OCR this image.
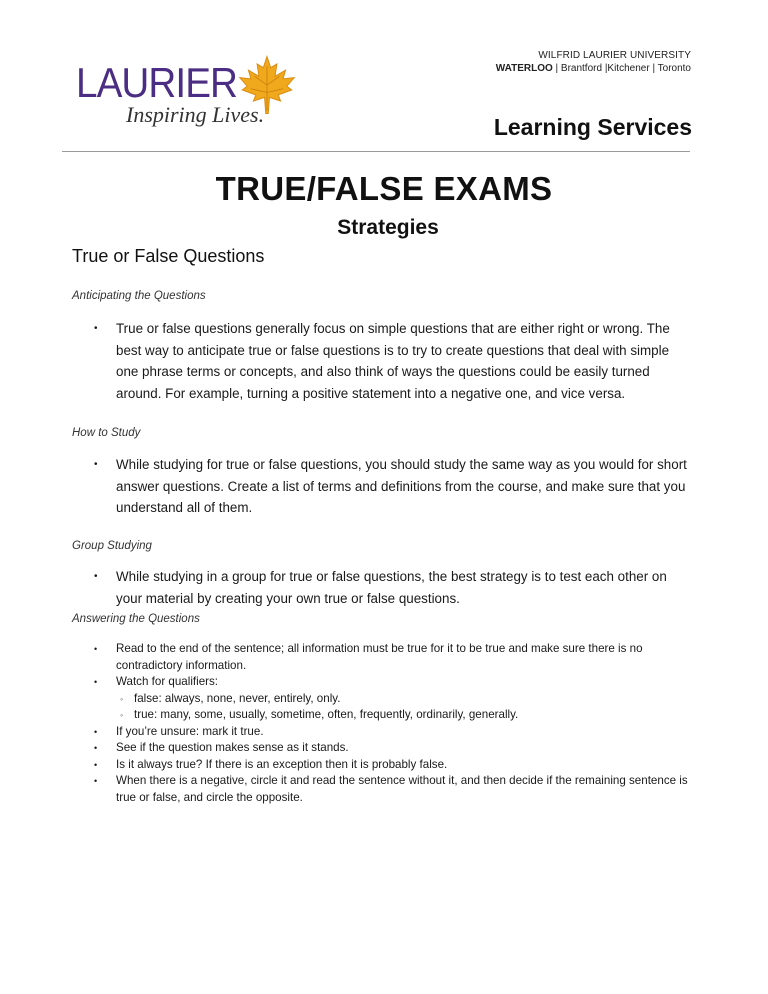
LAURIER
Inspiring Lives.
WILFRID LAURIER UNIVERSITY
WATERLOO | Brantford |Kitchener | Toronto
Learning Services
TRUE/FALSE EXAMS
Strategies
True or False Questions
Anticipating the Questions
• True or false questions generally focus on simple questions that are either right or wrong. The best way to anticipate true or false questions is to try to create questions that deal with simple one phrase terms or concepts, and also think of ways the questions could be easily turned around. For example, turning a positive statement into a negative one, and vice versa.
How to Study
• While studying for true or false questions, you should study the same way as you would for short answer questions. Create a list of terms and definitions from the course, and make sure that you understand all of them.
Group Studying
• While studying in a group for true or false questions, the best strategy is to test each other on your material by creating your own true or false questions.
Answering the Questions
• Read to the end of the sentence; all information must be true for it to be true and make sure there is no contradictory information.
• Watch for qualifiers:
◦ false: always, none, never, entirely, only.
◦ true: many, some, usually, sometime, often, frequently, ordinarily, generally.
• If you’re unsure: mark it true.
• See if the question makes sense as it stands.
• Is it always true? If there is an exception then it is probably false.
• When there is a negative, circle it and read the sentence without it, and then decide if the remaining sentence is true or false, and circle the opposite.
